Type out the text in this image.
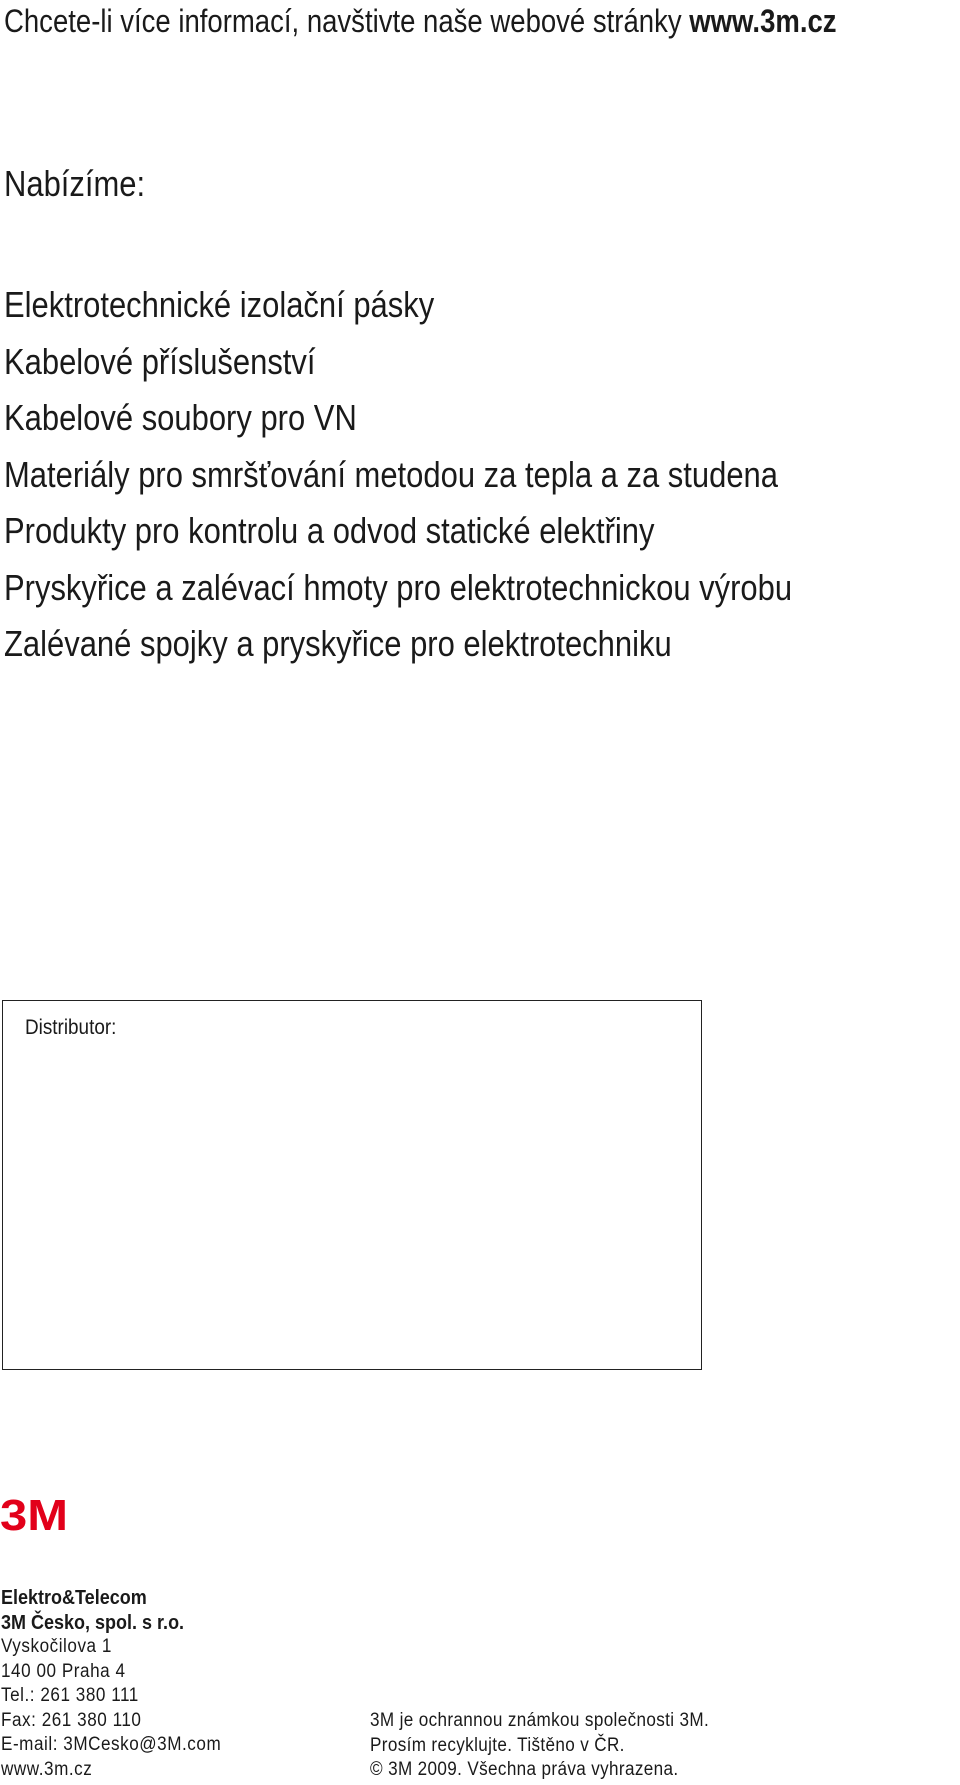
Chcete-li více informací, navštivte naše webové stránky www.3m.cz
Nabízíme:
Elektrotechnické izolační pásky
Kabelové příslušenství
Kabelové soubory pro VN
Materiály pro smršťování metodou za tepla a za studena
Produkty pro kontrolu a odvod statické elektřiny
Pryskyřice a zalévací hmoty pro elektrotechnickou výrobu
Zalévané spojky a pryskyřice pro elektrotechniku
Distributor:
3M
Elektro&Telecom
3M Česko, spol. s r.o.
Vyskočilova 1
140 00 Praha 4
Tel.: 261 380 111
Fax: 261 380 110
E-mail: 3MCesko@3M.com
www.3m.cz
3M je ochrannou známkou společnosti 3M.
Prosím recyklujte. Tištěno v ČR.
© 3M 2009. Všechna práva vyhrazena.
